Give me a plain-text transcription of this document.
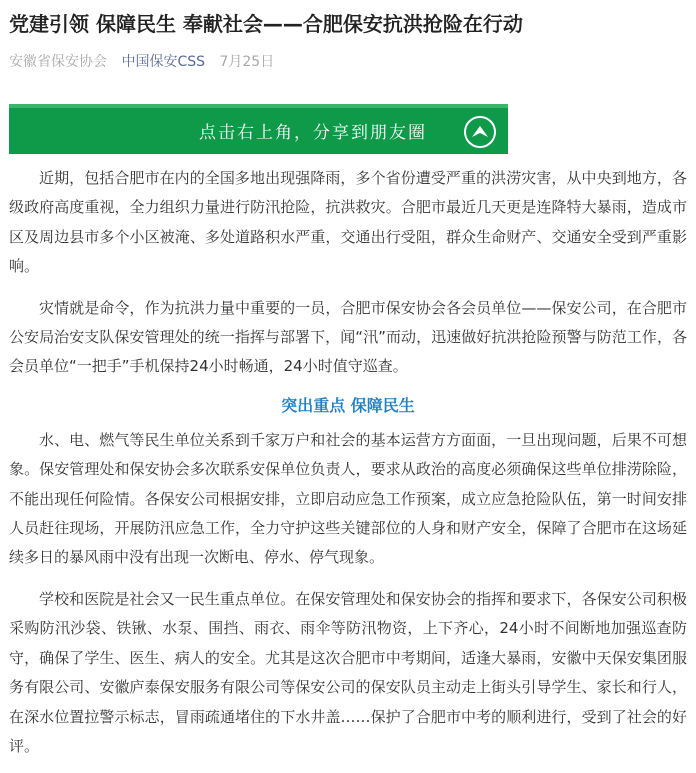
党建引领 保障民生 奉献社会——合肥保安抗洪抢险在行动
安徽省保安协会 中国保安CSS 7月25日
点击右上角，分享到朋友圈

近期，包括合肥市在内的全国多地出现强降雨，多个省份遭受严重的洪涝灾害，从中央到地方，各级政府高度重视，全力组织力量进行防汛抢险，抗洪救灾。合肥市最近几天更是连降特大暴雨，造成市区及周边县市多个小区被淹、多处道路积水严重，交通出行受阻，群众生命财产、交通安全受到严重影响。

灾情就是命令，作为抗洪力量中重要的一员，合肥市保安协会各会员单位——保安公司，在合肥市公安局治安支队保安管理处的统一指挥与部署下，闻“汛”而动，迅速做好抗洪抢险预警与防范工作，各会员单位“一把手”手机保持24小时畅通，24小时值守巡查。

突出重点 保障民生

水、电、燃气等民生单位关系到千家万户和社会的基本运营方方面面，一旦出现问题，后果不可想象。保安管理处和保安协会多次联系安保单位负责人，要求从政治的高度必须确保这些单位排涝除险，不能出现任何险情。各保安公司根据安排，立即启动应急工作预案，成立应急抢险队伍，第一时间安排人员赶往现场，开展防汛应急工作，全力守护这些关键部位的人身和财产安全，保障了合肥市在这场延续多日的暴风雨中没有出现一次断电、停水、停气现象。

学校和医院是社会又一民生重点单位。在保安管理处和保安协会的指挥和要求下，各保安公司积极采购防汛沙袋、铁锹、水泵、围挡、雨衣、雨伞等防汛物资，上下齐心，24小时不间断地加强巡查防守，确保了学生、医生、病人的安全。尤其是这次合肥市中考期间，适逢大暴雨，安徽中天保安集团服务有限公司、安徽庐泰保安服务有限公司等保安公司的保安队员主动走上街头引导学生、家长和行人，在深水位置拉警示标志，冒雨疏通堵住的下水井盖……保护了合肥市中考的顺利进行，受到了社会的好评。
